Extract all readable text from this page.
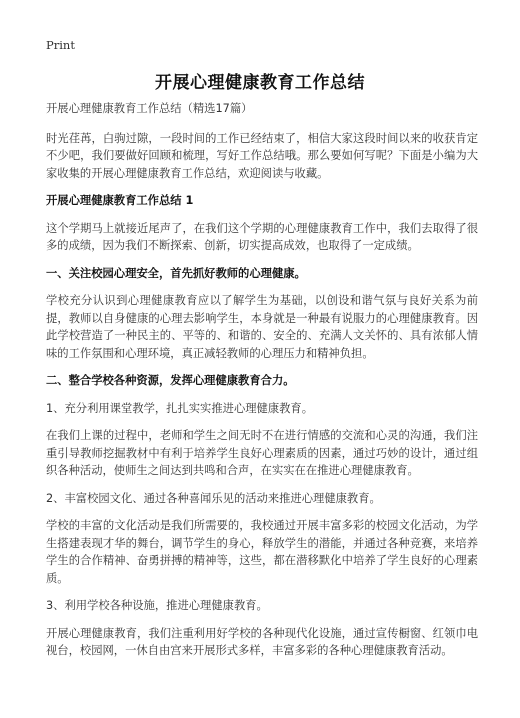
Print
开展心理健康教育工作总结

开展心理健康教育工作总结（精选17篇）

时光荏苒，白驹过隙，一段时间的工作已经结束了，相信大家这段时间以来的收获肯定不少吧，我们要做好回顾和梳理，写好工作总结哦。那么要如何写呢？下面是小编为大家收集的开展心理健康教育工作总结，欢迎阅读与收藏。

开展心理健康教育工作总结 1

这个学期马上就接近尾声了，在我们这个学期的心理健康教育工作中，我们去取得了很多的成绩，因为我们不断探索、创新，切实提高成效，也取得了一定成绩。

一、关注校园心理安全，首先抓好教师的心理健康。

学校充分认识到心理健康教育应以了解学生为基础，以创设和谐气氛与良好关系为前提，教师以自身健康的心理去影响学生，本身就是一种最有说服力的心理健康教育。因此学校营造了一种民主的、平等的、和谐的、安全的、充满人文关怀的、具有浓郁人情味的工作氛围和心理环境，真正减轻教师的心理压力和精神负担。

二、整合学校各种资源，发挥心理健康教育合力。

1、充分利用课堂教学，扎扎实实推进心理健康教育。

在我们上课的过程中，老师和学生之间无时不在进行情感的交流和心灵的沟通，我们注重引导教师挖掘教材中有利于培养学生良好心理素质的因素，通过巧妙的设计，通过组织各种活动，使师生之间达到共鸣和合声，在实实在在推进心理健康教育。

2、丰富校园文化、通过各种喜闻乐见的活动来推进心理健康教育。

学校的丰富的文化活动是我们所需要的，我校通过开展丰富多彩的校园文化活动，为学生搭建表现才华的舞台，调节学生的身心，释放学生的潜能，并通过各种竞赛，来培养学生的合作精神、奋勇拼搏的精神等，这些，都在潜移默化中培养了学生良好的心理素质。

3、利用学校各种设施，推进心理健康教育。

开展心理健康教育，我们注重利用好学校的各种现代化设施，通过宣传橱窗、红领巾电视台，校园网，一休自由宫来开展形式多样，丰富多彩的各种心理健康教育活动。
